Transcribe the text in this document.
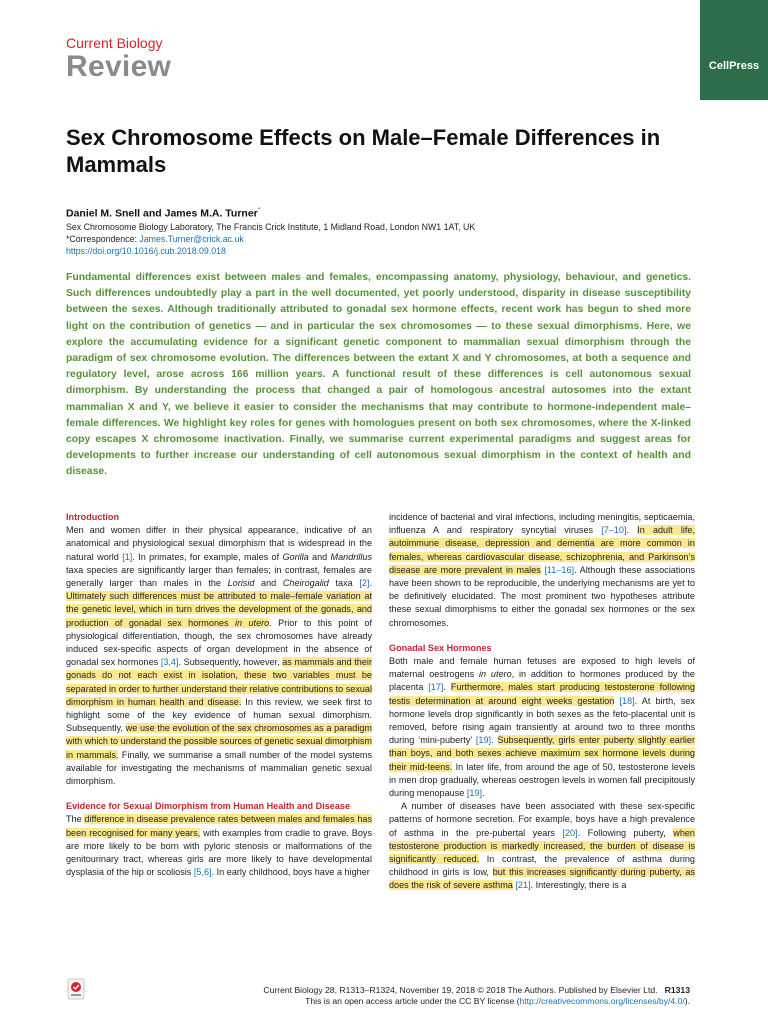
Current Biology
Review	CellPress
Sex Chromosome Effects on Male–Female Differences in Mammals
Daniel M. Snell and James M.A. Turner*
Sex Chromosome Biology Laboratory, The Francis Crick Institute, 1 Midland Road, London NW1 1AT, UK
*Correspondence: James.Turner@crick.ac.uk
https://doi.org/10.1016/j.cub.2018.09.018
Fundamental differences exist between males and females, encompassing anatomy, physiology, behaviour, and genetics. Such differences undoubtedly play a part in the well documented, yet poorly understood, disparity in disease susceptibility between the sexes. Although traditionally attributed to gonadal sex hormone effects, recent work has begun to shed more light on the contribution of genetics — and in particular the sex chromosomes — to these sexual dimorphisms. Here, we explore the accumulating evidence for a significant genetic component to mammalian sexual dimorphism through the paradigm of sex chromosome evolution. The differences between the extant X and Y chromosomes, at both a sequence and regulatory level, arose across 166 million years. A functional result of these differences is cell autonomous sexual dimorphism. By understanding the process that changed a pair of homologous ancestral autosomes into the extant mammalian X and Y, we believe it easier to consider the mechanisms that may contribute to hormone-independent male–female differences. We highlight key roles for genes with homologues present on both sex chromosomes, where the X-linked copy escapes X chromosome inactivation. Finally, we summarise current experimental paradigms and suggest areas for developments to further increase our understanding of cell autonomous sexual dimorphism in the context of health and disease.
Introduction

Men and women differ in their physical appearance, indicative of an anatomical and physiological sexual dimorphism that is widespread in the natural world [1]. In primates, for example, males of Gorilla and Mandrillus taxa species are significantly larger than females; in contrast, females are generally larger than males in the Lorisid and Cheirogalid taxa [2]. Ultimately such differences must be attributed to male–female variation at the genetic level, which in turn drives the development of the gonads, and production of gonadal sex hormones in utero. Prior to this point of physiological differentiation, though, the sex chromosomes have already induced sex-specific aspects of organ development in the absence of gonadal sex hormones [3,4]. Subsequently, however, as mammals and their gonads do not each exist in isolation, these two variables must be separated in order to further understand their relative contributions to sexual dimorphism in human health and disease. In this review, we seek first to highlight some of the key evidence of human sexual dimorphism. Subsequently, we use the evolution of the sex chromosomes as a paradigm with which to understand the possible sources of genetic sexual dimorphism in mammals. Finally, we summarise a small number of the model systems available for investigating the mechanisms of mammalian genetic sexual dimorphism.

Evidence for Sexual Dimorphism from Human Health and Disease

The difference in disease prevalence rates between males and females has been recognised for many years, with examples from cradle to grave. Boys are more likely to be born with pyloric stenosis or malformations of the genitourinary tract, whereas girls are more likely to have developmental dysplasia of the hip or scoliosis [5,6]. In early childhood, boys have a higher

incidence of bacterial and viral infections, including meningitis, septicaemia, influenza A and respiratory syncytial viruses [7–10]. In adult life, autoimmune disease, depression and dementia are more common in females, whereas cardiovascular disease, schizophrenia, and Parkinson’s disease are more prevalent in males [11–16]. Although these associations have been shown to be reproducible, the underlying mechanisms are yet to be definitively elucidated. The most prominent two hypotheses attribute these sexual dimorphisms to either the gonadal sex hormones or the sex chromosomes.

Gonadal Sex Hormones

Both male and female human fetuses are exposed to high levels of maternal oestrogens in utero, in addition to hormones produced by the placenta [17]. Furthermore, males start producing testosterone following testis determination at around eight weeks gestation [18]. At birth, sex hormone levels drop significantly in both sexes as the feto-placental unit is removed, before rising again transiently at around two to three months during ‘mini-puberty’ [19]. Subsequently, girls enter puberty slightly earlier than boys, and both sexes achieve maximum sex hormone levels during their mid-teens. In later life, from around the age of 50, testosterone levels in men drop gradually, whereas oestrogen levels in women fall precipitously during menopause [19].

A number of diseases have been associated with these sex-specific patterns of hormone secretion. For example, boys have a high prevalence of asthma in the pre-pubertal years [20]. Following puberty, when testosterone production is markedly increased, the burden of disease is significantly reduced. In contrast, the prevalence of asthma during childhood in girls is low, but this increases significantly during puberty, as does the risk of severe asthma [21]. Interestingly, there is a

Current Biology 28, R1313–R1324, November 19, 2018 © 2018 The Authors. Published by Elsevier Ltd. R1313
This is an open access article under the CC BY license (http://creativecommons.org/licenses/by/4.0/).
